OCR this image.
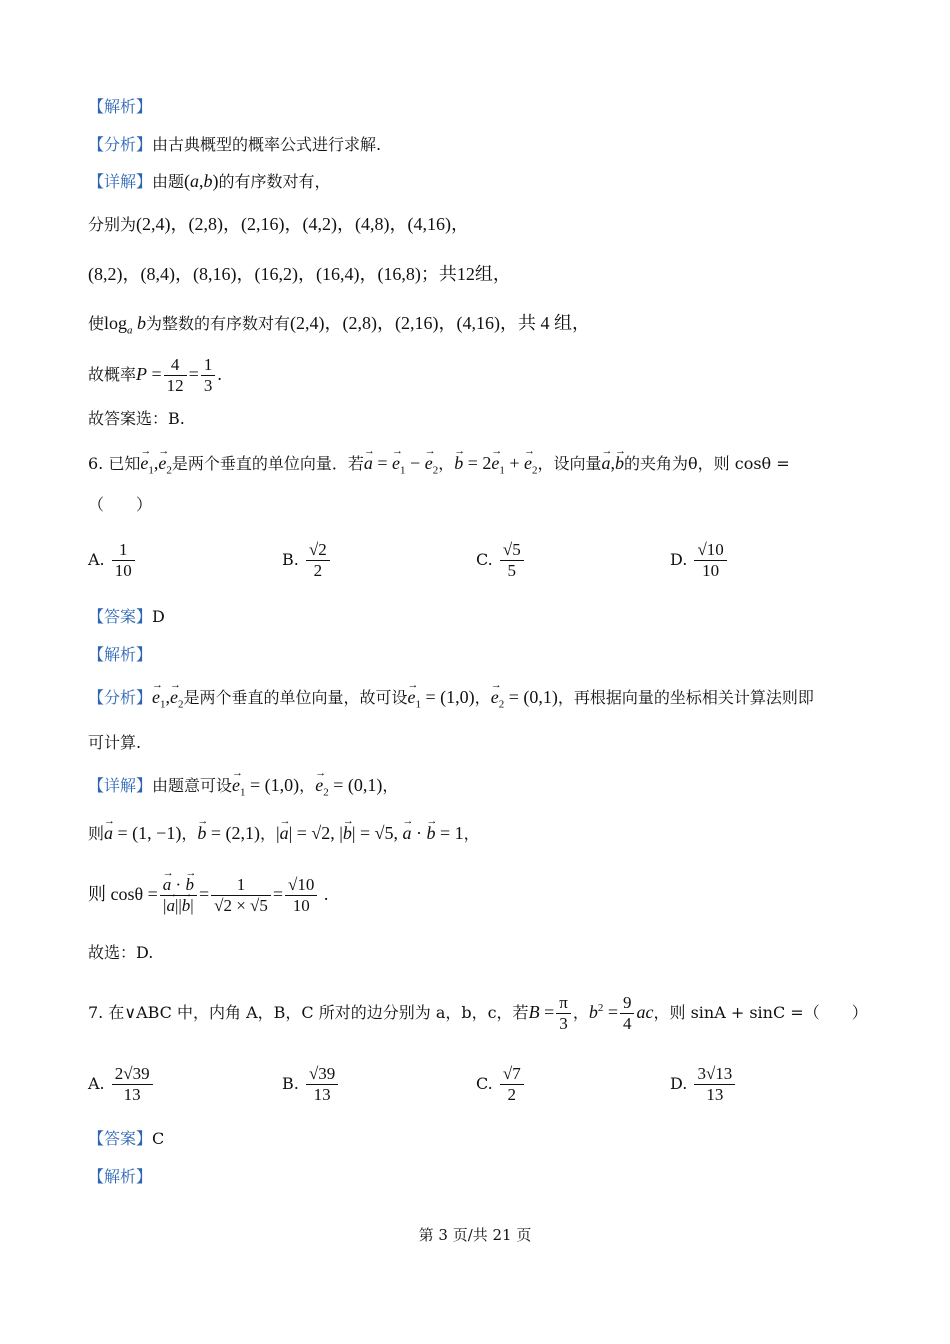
【解析】
【分析】由古典概型的概率公式进行求解.
【详解】由题(a,b)的有序数对有，
分别为(2,4)，(2,8)，(2,16)，(4,2)，(4,8)，(4,16)，
(8,2)，(8,4)，(8,16)，(16,2)，(16,4)，(16,8)；共12组，
使$\log_a b$为整数的有序数对有(2,4)，(2,8)，(2,16)，(4,16)，共 4 组，
故概率$P = \frac{4}{12} = \frac{1}{3}$ .
故答案选：B.
6. 已知→ $e_1,\to e_2$是两个垂直的单位向量．若→ a = → $e_1$ − → $e_2$，→ $b = 2\to e_1$ + → $e_2$，设向量→ a,→ b的夹角为θ，则 cosθ =
（　　）
A. $\frac{1}{10}$	B. $\frac{√2}{2}$	C. $\frac{√5}{5}$	D. $\frac{√10}{10}$
【答案】D
【解析】
【分析】→ $e_1,\to e_2$是两个垂直的单位向量，故可设→ $e_1 = (1,0)$，→ $e_2 = (0,1)$，再根据向量的坐标相关计算法则即
可计算.
【详解】由题意可设→ $e_1 = (1,0)$，→ $e_2 = (0,1)$，
则→ a = (1, −1)，→ b = (2,1)，|→ a| = √2, |→ b| = √5, → a · → b = 1，
则 cosθ =
→ $\frac{a \cdot \to b}{|\to a||\to b|} = \frac{1}{√2 \times √5} = \frac{√10}{10}$ .
故选：D.
7. 在∨ABC 中，内角 A，B，C 所对的边分别为 a，b，c，若$B = \frac{\pi}{3}$ ，$b^2 = \frac{9}{4}$ ac，则 sinA + sinC =（　　）
A. $\frac{2√39}{13}$	B. $\frac{√39}{13}$	C. $\frac{√7}{2}$	D. $\frac{3√13}{13}$
【答案】C
【解析】
第 3 页/共 21 页
